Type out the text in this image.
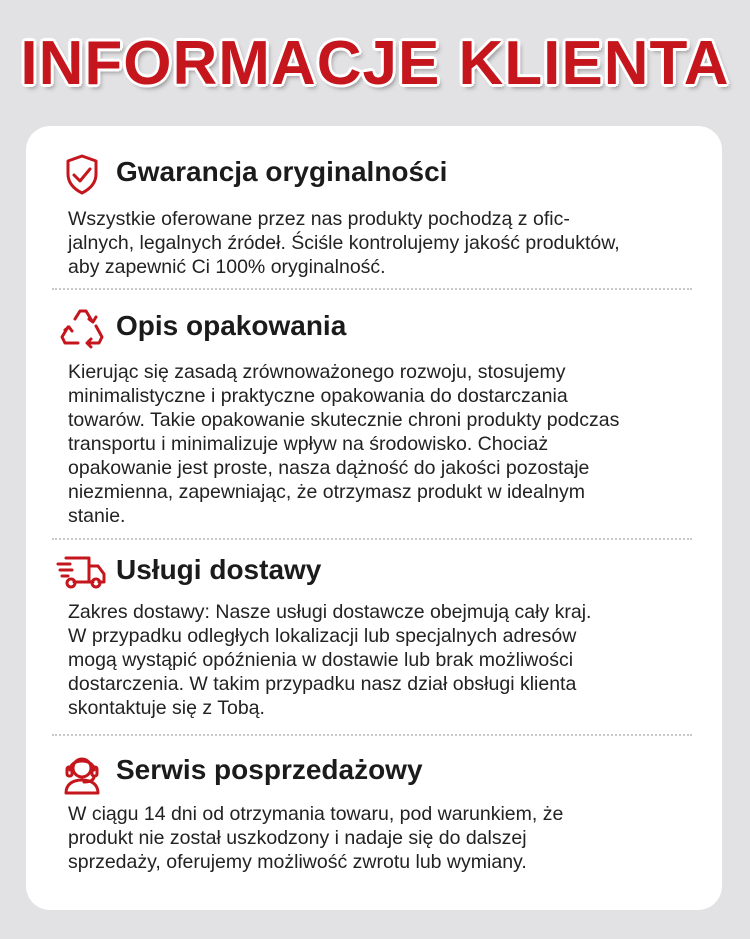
INFORMACJE KLIENTA
Gwarancja oryginalności
Wszystkie oferowane przez nas produkty pochodzą z ofic-
jalnych, legalnych źródeł. Ściśle kontrolujemy jakość produktów,
aby zapewnić Ci 100% oryginalność.
Opis opakowania
Kierując się zasadą zrównoważonego rozwoju, stosujemy
minimalistyczne i praktyczne opakowania do dostarczania
towarów. Takie opakowanie skutecznie chroni produkty podczas
transportu i minimalizuje wpływ na środowisko. Chociaż
opakowanie jest proste, nasza dążność do jakości pozostaje
niezmienna, zapewniając, że otrzymasz produkt w idealnym
stanie.
Usługi dostawy
Zakres dostawy: Nasze usługi dostawcze obejmują cały kraj.
W przypadku odległych lokalizacji lub specjalnych adresów
mogą wystąpić opóźnienia w dostawie lub brak możliwości
dostarczenia. W takim przypadku nasz dział obsługi klienta
skontaktuje się z Tobą.
Serwis posprzedażowy
W ciągu 14 dni od otrzymania towaru, pod warunkiem, że
produkt nie został uszkodzony i nadaje się do dalszej
sprzedaży, oferujemy możliwość zwrotu lub wymiany.
